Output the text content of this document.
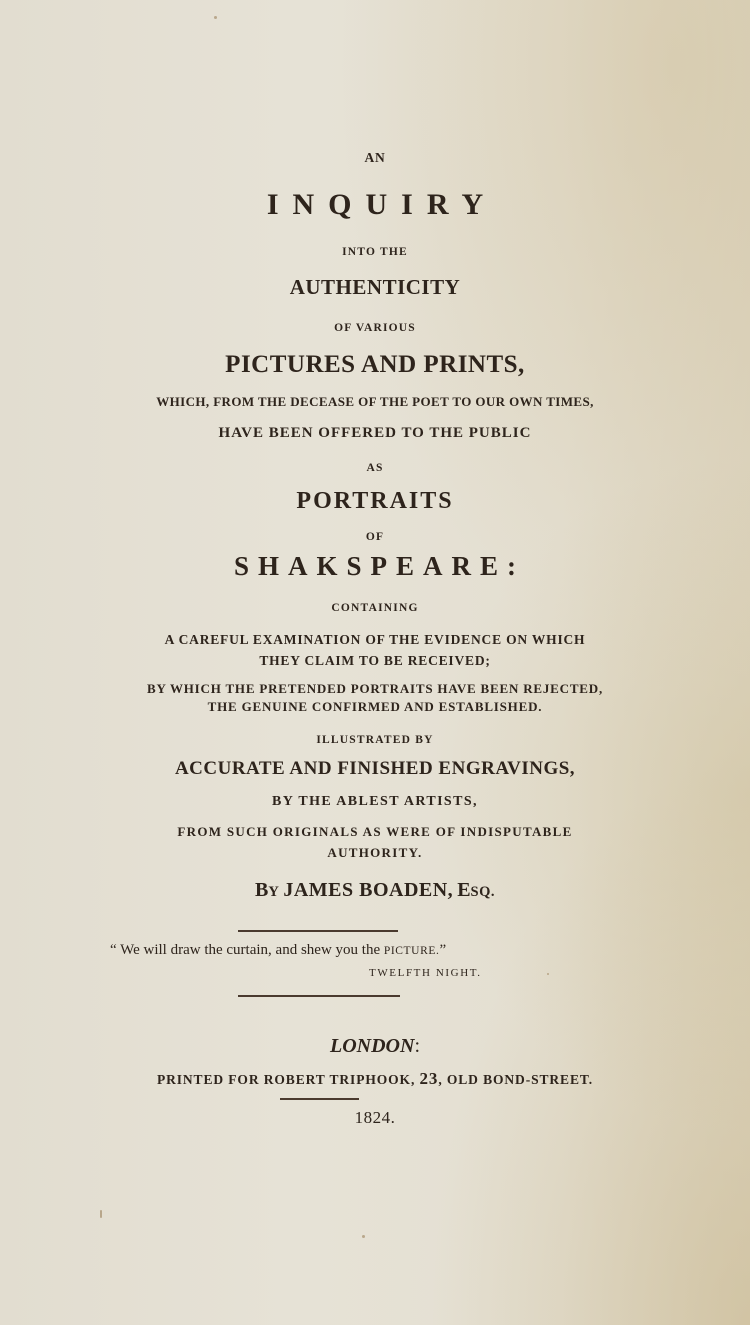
AN
INQUIRY
INTO THE
AUTHENTICITY
OF VARIOUS
PICTURES AND PRINTS,
WHICH, FROM THE DECEASE OF THE POET TO OUR OWN TIMES,
HAVE BEEN OFFERED TO THE PUBLIC
AS
PORTRAITS
OF
SHAKSPEARE:
CONTAINING
A CAREFUL EXAMINATION OF THE EVIDENCE ON WHICH
THEY CLAIM TO BE RECEIVED;
BY WHICH THE PRETENDED PORTRAITS HAVE BEEN REJECTED,
THE GENUINE CONFIRMED AND ESTABLISHED.
ILLUSTRATED BY
ACCURATE AND FINISHED ENGRAVINGS,
BY THE ABLEST ARTISTS,
FROM SUCH ORIGINALS AS WERE OF INDISPUTABLE
AUTHORITY.
BY JAMES BOADEN, ESQ.
“ We will draw the curtain, and shew you the PICTURE.”
TWELFTH NIGHT.
LONDON:
PRINTED FOR ROBERT TRIPHOOK, 23, OLD BOND-STREET.
1824.
